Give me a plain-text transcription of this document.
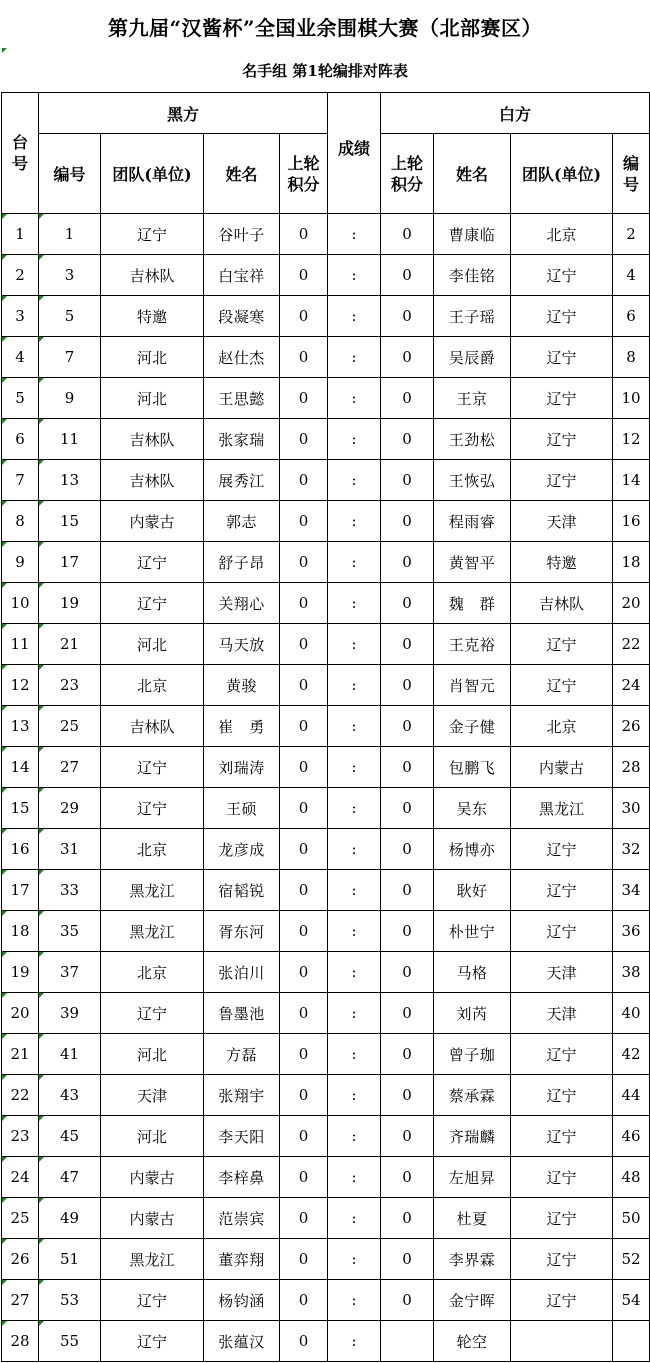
第九届“汉酱杯”全国业余围棋大赛（北部赛区）
名手组 第1轮编排对阵表
台号	黑方				成绩	白方			
	编号	团队(单位)	姓名	上轮积分		上轮积分	姓名	团队(单位)	编号

1	1	辽宁	谷叶子	0	:	0	曹康临	北京	2
2	3	吉林队	白宝祥	0	:	0	李佳铭	辽宁	4
3	5	特邀	段凝寒	0	:	0	王子瑶	辽宁	6
4	7	河北	赵仕杰	0	:	0	吴辰爵	辽宁	8
5	9	河北	王思懿	0	:	0	王京	辽宁	10
6	11	吉林队	张家瑞	0	:	0	王劲松	辽宁	12
7	13	吉林队	展秀江	0	:	0	王恢弘	辽宁	14
8	15	内蒙古	郭志	0	:	0	程雨睿	天津	16
9	17	辽宁	舒子昂	0	:	0	黄智平	特邀	18
10	19	辽宁	关翔心	0	:	0	魏　群	吉林队	20
11	21	河北	马天放	0	:	0	王克裕	辽宁	22
12	23	北京	黄骏	0	:	0	肖智元	辽宁	24
13	25	吉林队	崔　勇	0	:	0	金子健	北京	26
14	27	辽宁	刘瑞涛	0	:	0	包鹏飞	内蒙古	28
15	29	辽宁	王硕	0	:	0	吴东	黑龙江	30
16	31	北京	龙彦成	0	:	0	杨博亦	辽宁	32
17	33	黑龙江	宿韬锐	0	:	0	耿好	辽宁	34
18	35	黑龙江	胥东河	0	:	0	朴世宁	辽宁	36
19	37	北京	张泊川	0	:	0	马格	天津	38
20	39	辽宁	鲁墨池	0	:	0	刘芮	天津	40
21	41	河北	方磊	0	:	0	曾子珈	辽宁	42
22	43	天津	张翔宇	0	:	0	蔡承霖	辽宁	44
23	45	河北	李天阳	0	:	0	齐瑞麟	辽宁	46
24	47	内蒙古	李梓鼻	0	:	0	左旭昇	辽宁	48
25	49	内蒙古	范崇宾	0	:	0	杜夏	辽宁	50
26	51	黑龙江	董弈翔	0	:	0	李界霖	辽宁	52
27	53	辽宁	杨钧涵	0	:	0	金宁晖	辽宁	54
28	55	辽宁	张蕴汉	0	:		轮空		
